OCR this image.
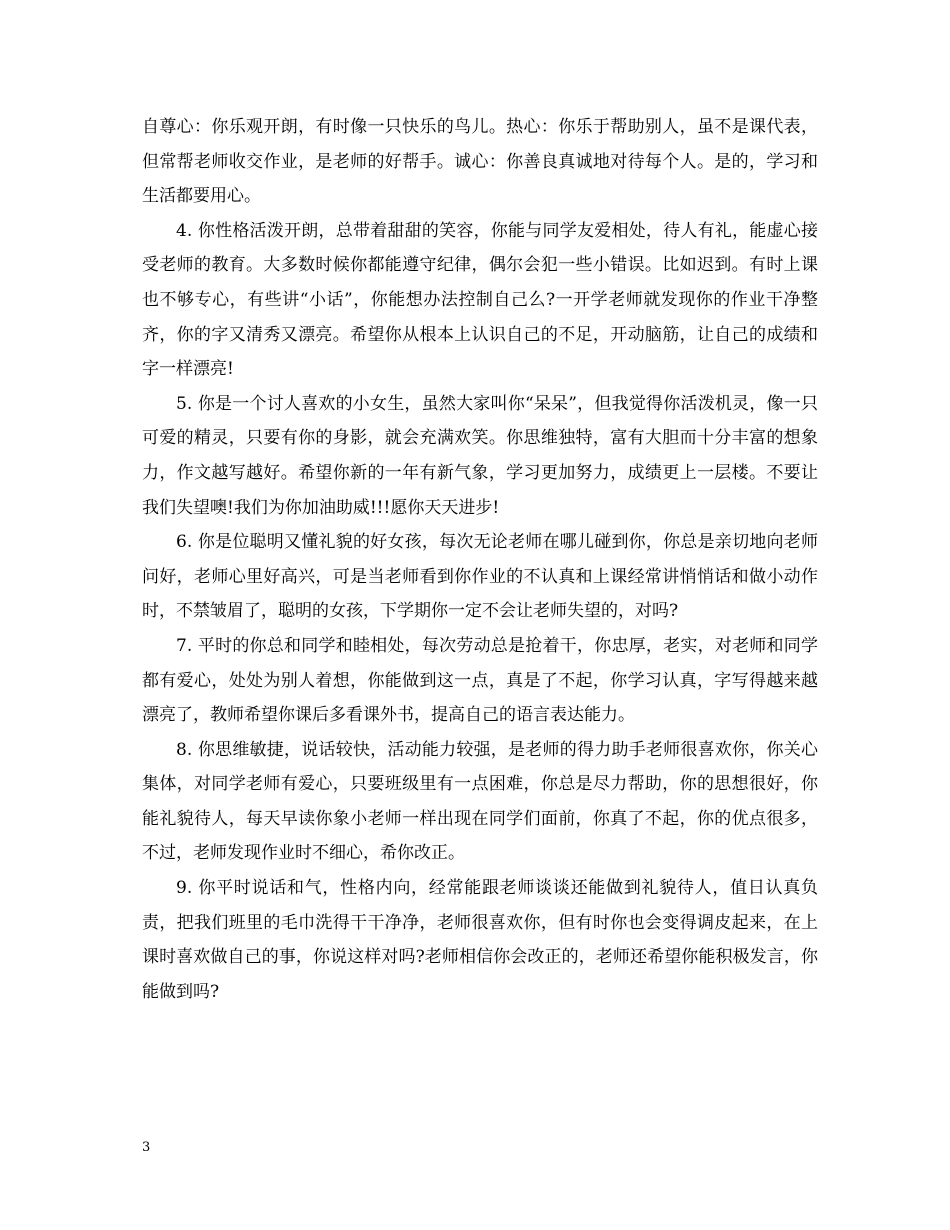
自尊心：你乐观开朗，有时像一只快乐的鸟儿。热心：你乐于帮助别人，虽不是课代表，但常帮老师收交作业，是老师的好帮手。诚心：你善良真诚地对待每个人。是的，学习和生活都要用心。

4. 你性格活泼开朗，总带着甜甜的笑容，你能与同学友爱相处，待人有礼，能虚心接受老师的教育。大多数时候你都能遵守纪律，偶尔会犯一些小错误。比如迟到。有时上课也不够专心，有些讲“小话”，你能想办法控制自己么?一开学老师就发现你的作业干净整齐，你的字又清秀又漂亮。希望你从根本上认识自己的不足，开动脑筋，让自己的成绩和字一样漂亮!

5. 你是一个讨人喜欢的小女生，虽然大家叫你“呆呆”，但我觉得你活泼机灵，像一只可爱的精灵，只要有你的身影，就会充满欢笑。你思维独特，富有大胆而十分丰富的想象力，作文越写越好。希望你新的一年有新气象，学习更加努力，成绩更上一层楼。不要让我们失望噢!我们为你加油助威!!!愿你天天进步!

6. 你是位聪明又懂礼貌的好女孩，每次无论老师在哪儿碰到你，你总是亲切地向老师问好，老师心里好高兴，可是当老师看到你作业的不认真和上课经常讲悄悄话和做小动作时，不禁皱眉了，聪明的女孩，下学期你一定不会让老师失望的，对吗?

7. 平时的你总和同学和睦相处，每次劳动总是抢着干，你忠厚，老实，对老师和同学都有爱心，处处为别人着想，你能做到这一点，真是了不起，你学习认真，字写得越来越漂亮了，教师希望你课后多看课外书，提高自己的语言表达能力。

8. 你思维敏捷，说话较快，活动能力较强，是老师的得力助手老师很喜欢你，你关心集体，对同学老师有爱心，只要班级里有一点困难，你总是尽力帮助，你的思想很好，你能礼貌待人，每天早读你象小老师一样出现在同学们面前，你真了不起，你的优点很多，不过，老师发现作业时不细心，希你改正。

9. 你平时说话和气，性格内向，经常能跟老师谈谈还能做到礼貌待人，值日认真负责，把我们班里的毛巾洗得干干净净，老师很喜欢你，但有时你也会变得调皮起来，在上课时喜欢做自己的事，你说这样对吗?老师相信你会改正的，老师还希望你能积极发言，你能做到吗?

3
